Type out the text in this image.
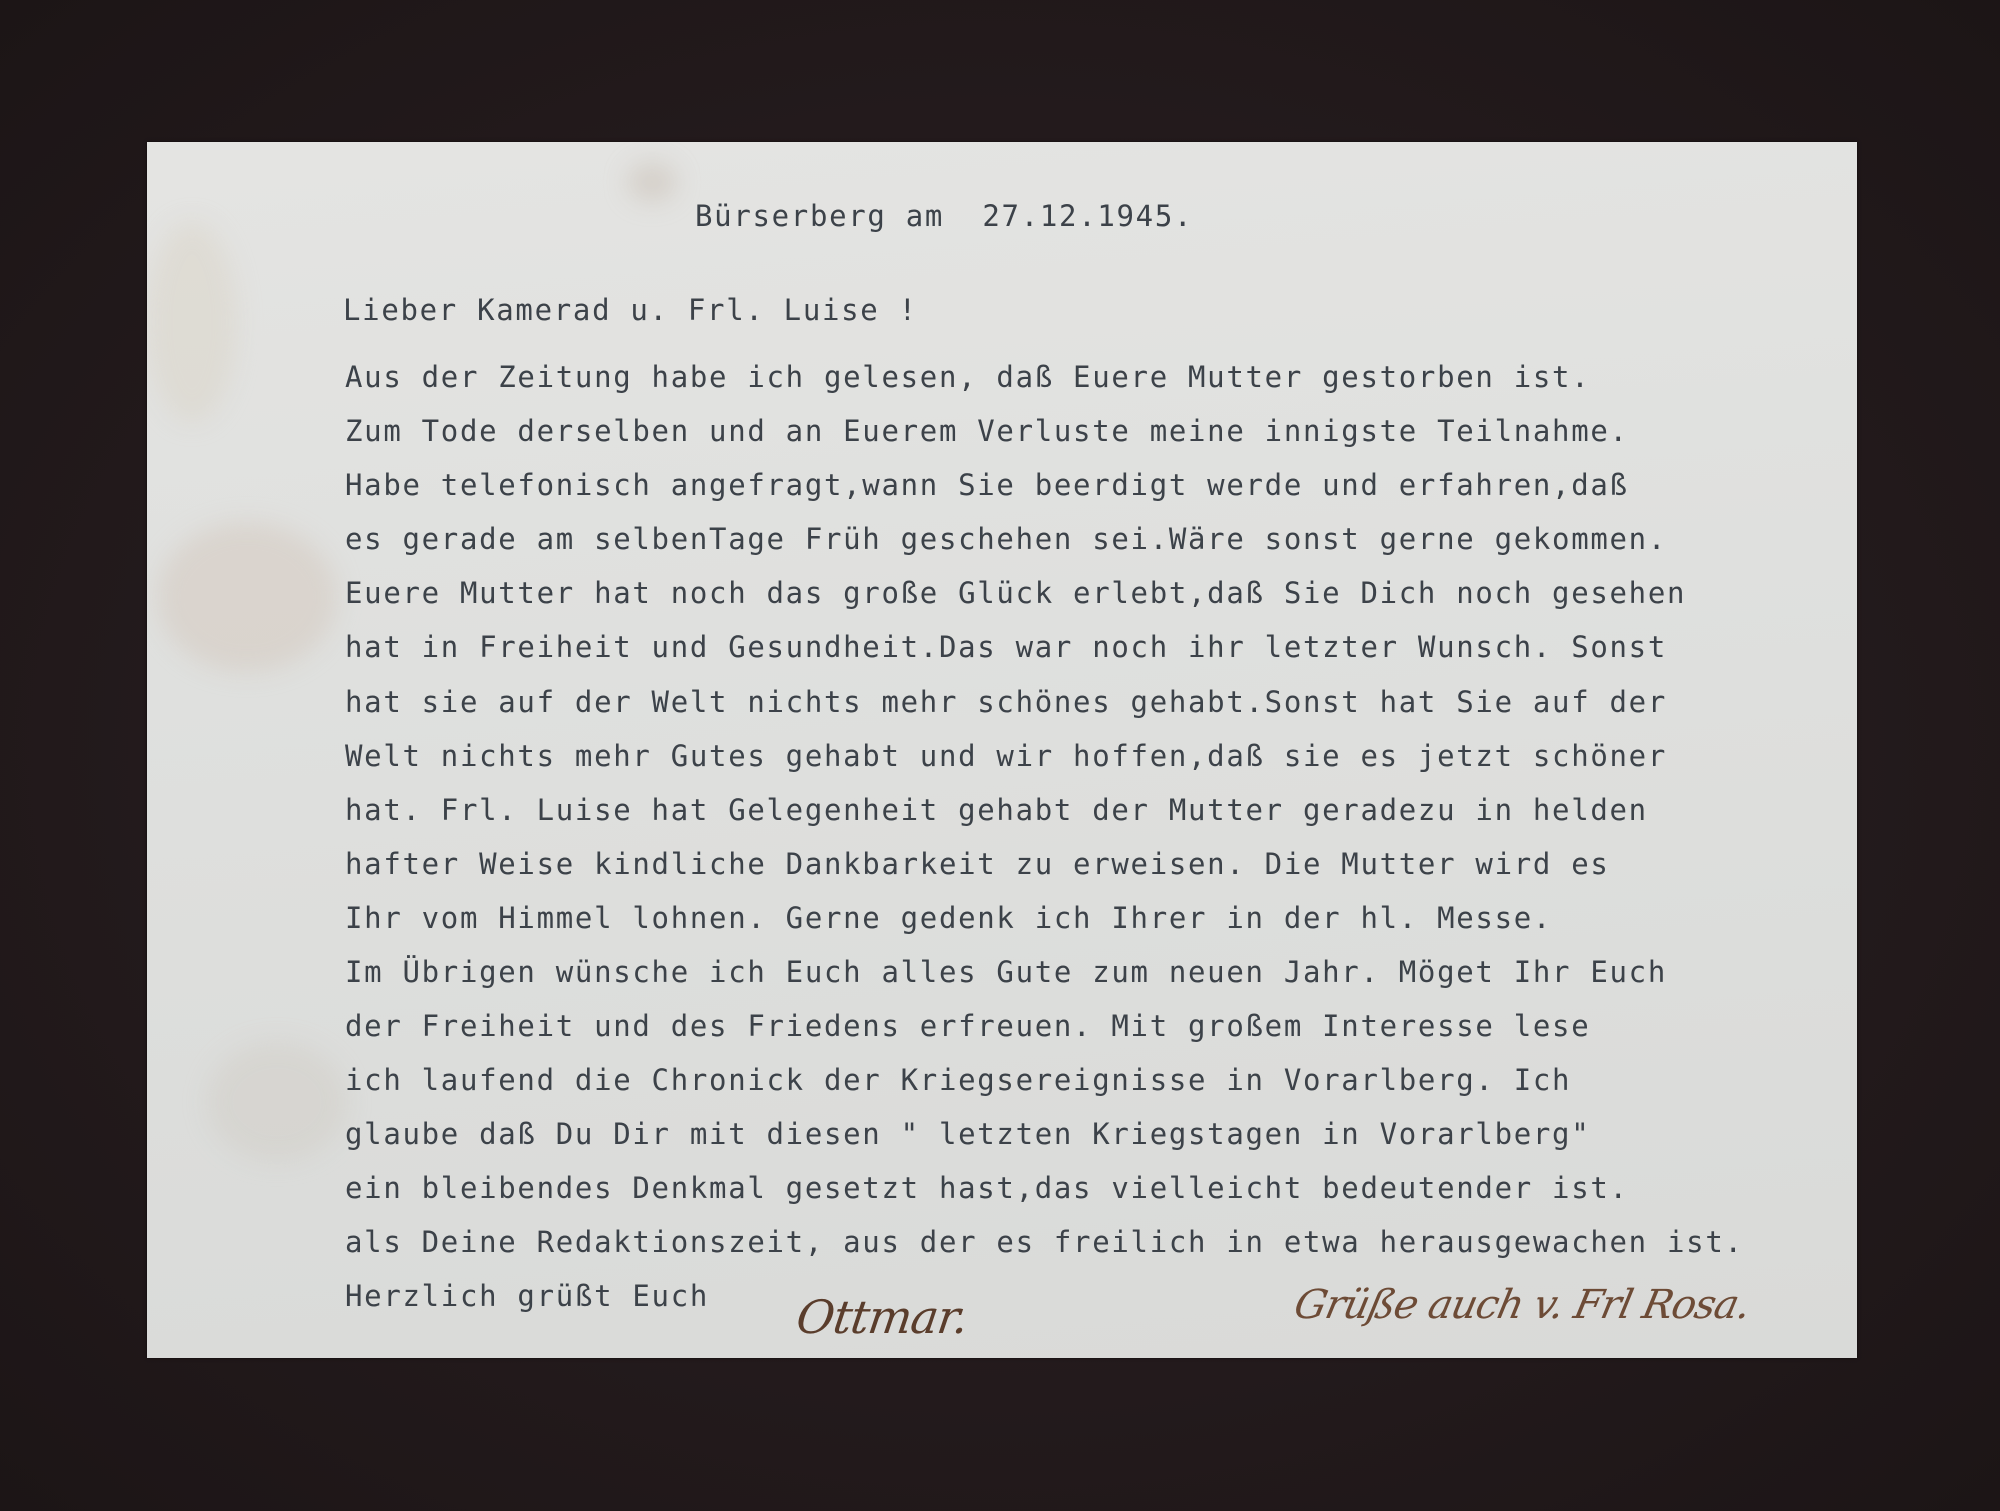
Bürserberg am  27.12.1945.
Lieber Kamerad u. Frl. Luise !
Aus der Zeitung habe ich gelesen, daß Euere Mutter gestorben ist.
Zum Tode derselben und an Euerem Verluste meine innigste Teilnahme.
Habe telefonisch angefragt,wann Sie beerdigt werde und erfahren,daß
es gerade am selbenTage Früh geschehen sei.Wäre sonst gerne gekommen.
Euere Mutter hat noch das große Glück erlebt,daß Sie Dich noch gesehen
hat in Freiheit und Gesundheit.Das war noch ihr letzter Wunsch. Sonst
hat sie auf der Welt nichts mehr schönes gehabt.Sonst hat Sie auf der
Welt nichts mehr Gutes gehabt und wir hoffen,daß sie es jetzt schöner
hat. Frl. Luise hat Gelegenheit gehabt der Mutter geradezu in helden
hafter Weise kindliche Dankbarkeit zu erweisen. Die Mutter wird es
Ihr vom Himmel lohnen. Gerne gedenk ich Ihrer in der hl. Messe.
Im Übrigen wünsche ich Euch alles Gute zum neuen Jahr. Möget Ihr Euch
der Freiheit und des Friedens erfreuen. Mit großem Interesse lese
ich laufend die Chronick der Kriegsereignisse in Vorarlberg. Ich
glaube daß Du Dir mit diesen " letzten Kriegstagen in Vorarlberg"
ein bleibendes Denkmal gesetzt hast,das vielleicht bedeutender ist.
als Deine Redaktionszeit, aus der es freilich in etwa herausgewachen ist.
Herzlich grüßt Euch Ottmar.	Grüße auch v. Frl Rosa.
